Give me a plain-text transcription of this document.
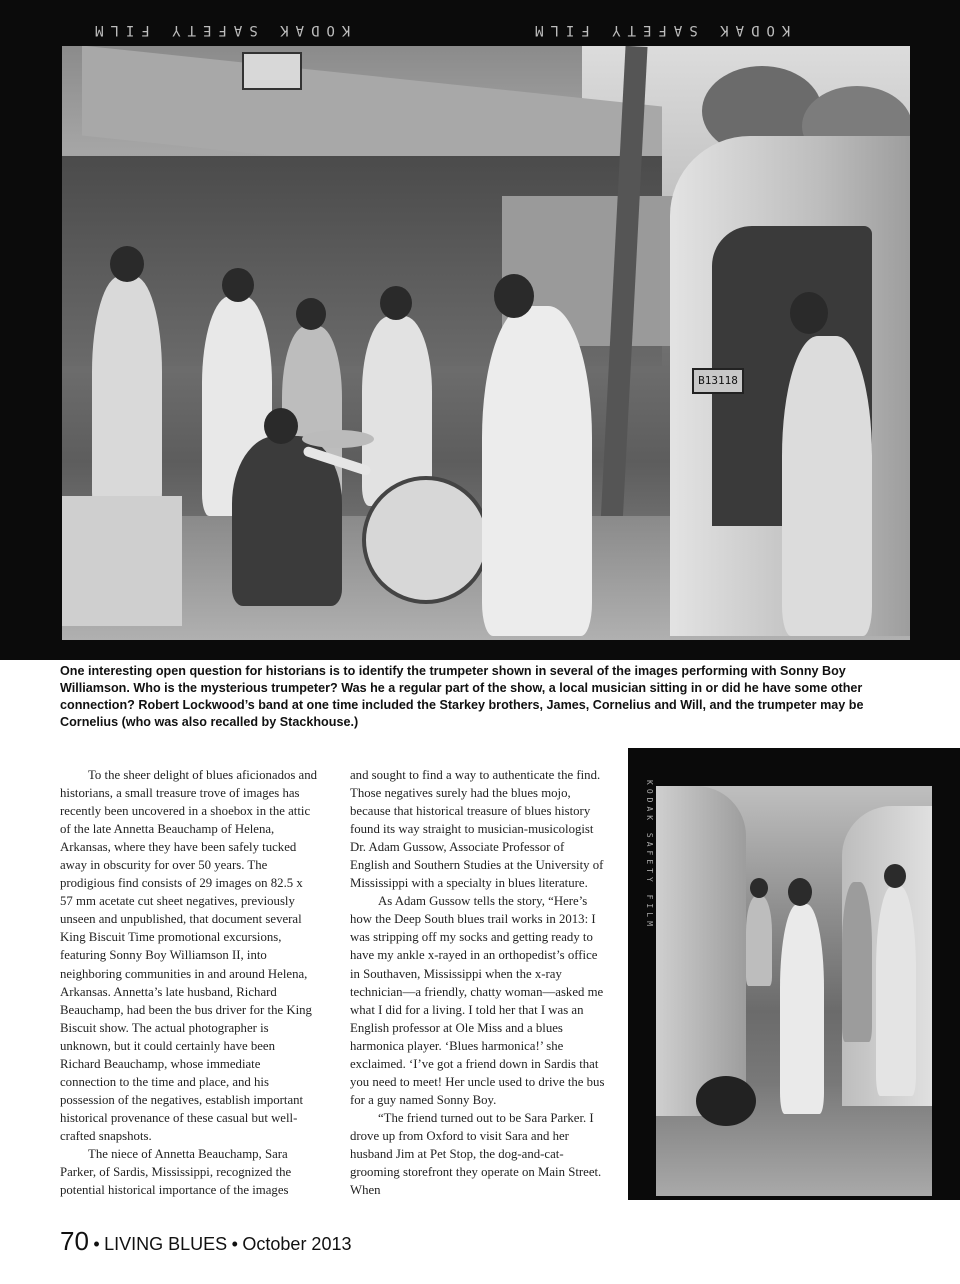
KODAK SAFETY FILM	KODAK SAFETY FILM
B13118
One interesting open question for historians is to identify the trumpeter shown in several of the images performing with Sonny Boy Williamson. Who is the mysterious trumpeter? Was he a regular part of the show, a local musician sitting in or did he have some other connection? Robert Lockwood’s band at one time included the Starkey brothers, James, Cornelius and Will, and the trumpeter may be Cornelius (who was also recalled by Stackhouse.)

To the sheer delight of blues aficionados and historians, a small treasure trove of images has recently been uncovered in a shoebox in the attic of the late Annetta Beauchamp of Helena, Arkansas, where they have been safely tucked away in obscurity for over 50 years. The prodigious find consists of 29 images on 82.5 x 57 mm acetate cut sheet negatives, previously unseen and unpublished, that document several King Biscuit Time promotional excursions, featuring Sonny Boy Williamson II, into neighboring communities in and around Helena, Arkansas. Annetta’s late husband, Richard Beauchamp, had been the bus driver for the King Biscuit show. The actual photographer is unknown, but it could certainly have been Richard Beauchamp, whose immediate connection to the time and place, and his possession of the negatives, establish important historical provenance of these casual but well-crafted snapshots.

The niece of Annetta Beauchamp, Sara Parker, of Sardis, Mississippi, recognized the potential historical importance of the images

and sought to find a way to authenticate the find. Those negatives surely had the blues mojo, because that historical treasure of blues history found its way straight to musician-musicologist Dr. Adam Gussow, Associate Professor of English and Southern Studies at the University of Mississippi with a specialty in blues literature.

As Adam Gussow tells the story, “Here’s how the Deep South blues trail works in 2013: I was stripping off my socks and getting ready to have my ankle x-rayed in an orthopedist’s office in Southaven, Mississippi when the x-ray technician—a friendly, chatty woman—asked me what I did for a living. I told her that I was an English professor at Ole Miss and a blues harmonica player. ‘Blues harmonica!’ she exclaimed. ‘I’ve got a friend down in Sardis that you need to meet! Her uncle used to drive the bus for a guy named Sonny Boy.

“The friend turned out to be Sara Parker. I drove up from Oxford to visit Sara and her husband Jim at Pet Stop, the dog-and-cat-grooming storefront they operate on Main Street. When

KODAK SAFETY FILM
70 • LIVING BLUES • October 2013
